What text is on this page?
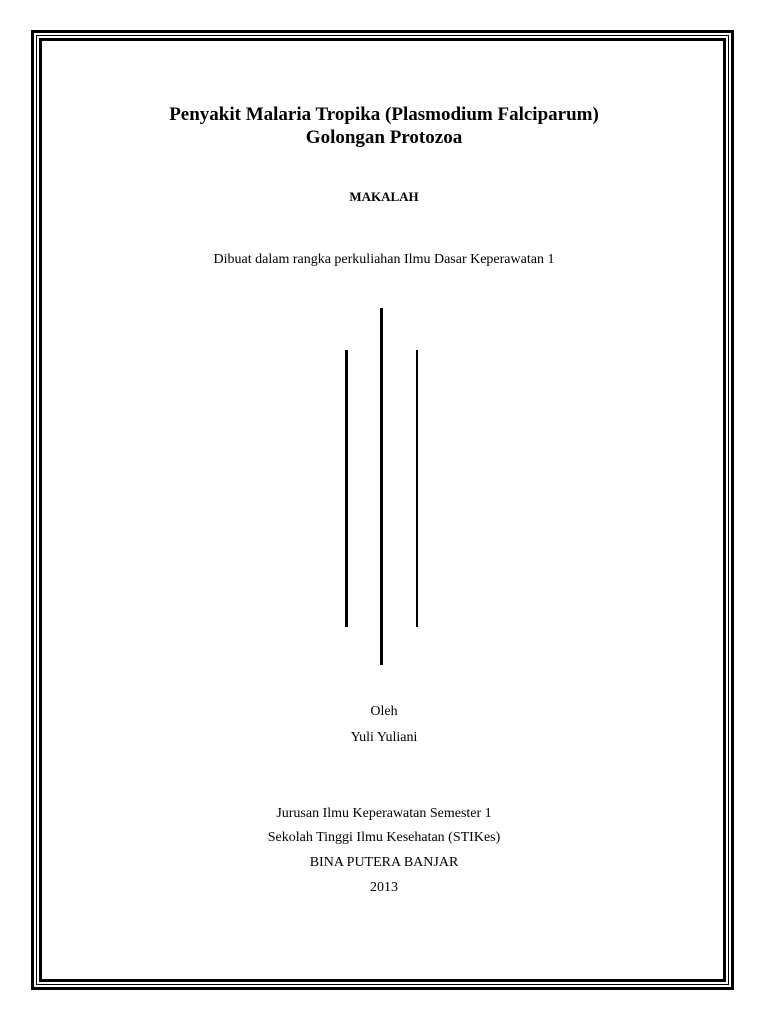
Penyakit Malaria Tropika (Plasmodium Falciparum)
Golongan Protozoa
MAKALAH
Dibuat dalam rangka perkuliahan Ilmu Dasar Keperawatan 1
Oleh
Yuli Yuliani
Jurusan Ilmu Keperawatan Semester 1
Sekolah Tinggi Ilmu Kesehatan (STIKes)
BINA PUTERA BANJAR
2013
